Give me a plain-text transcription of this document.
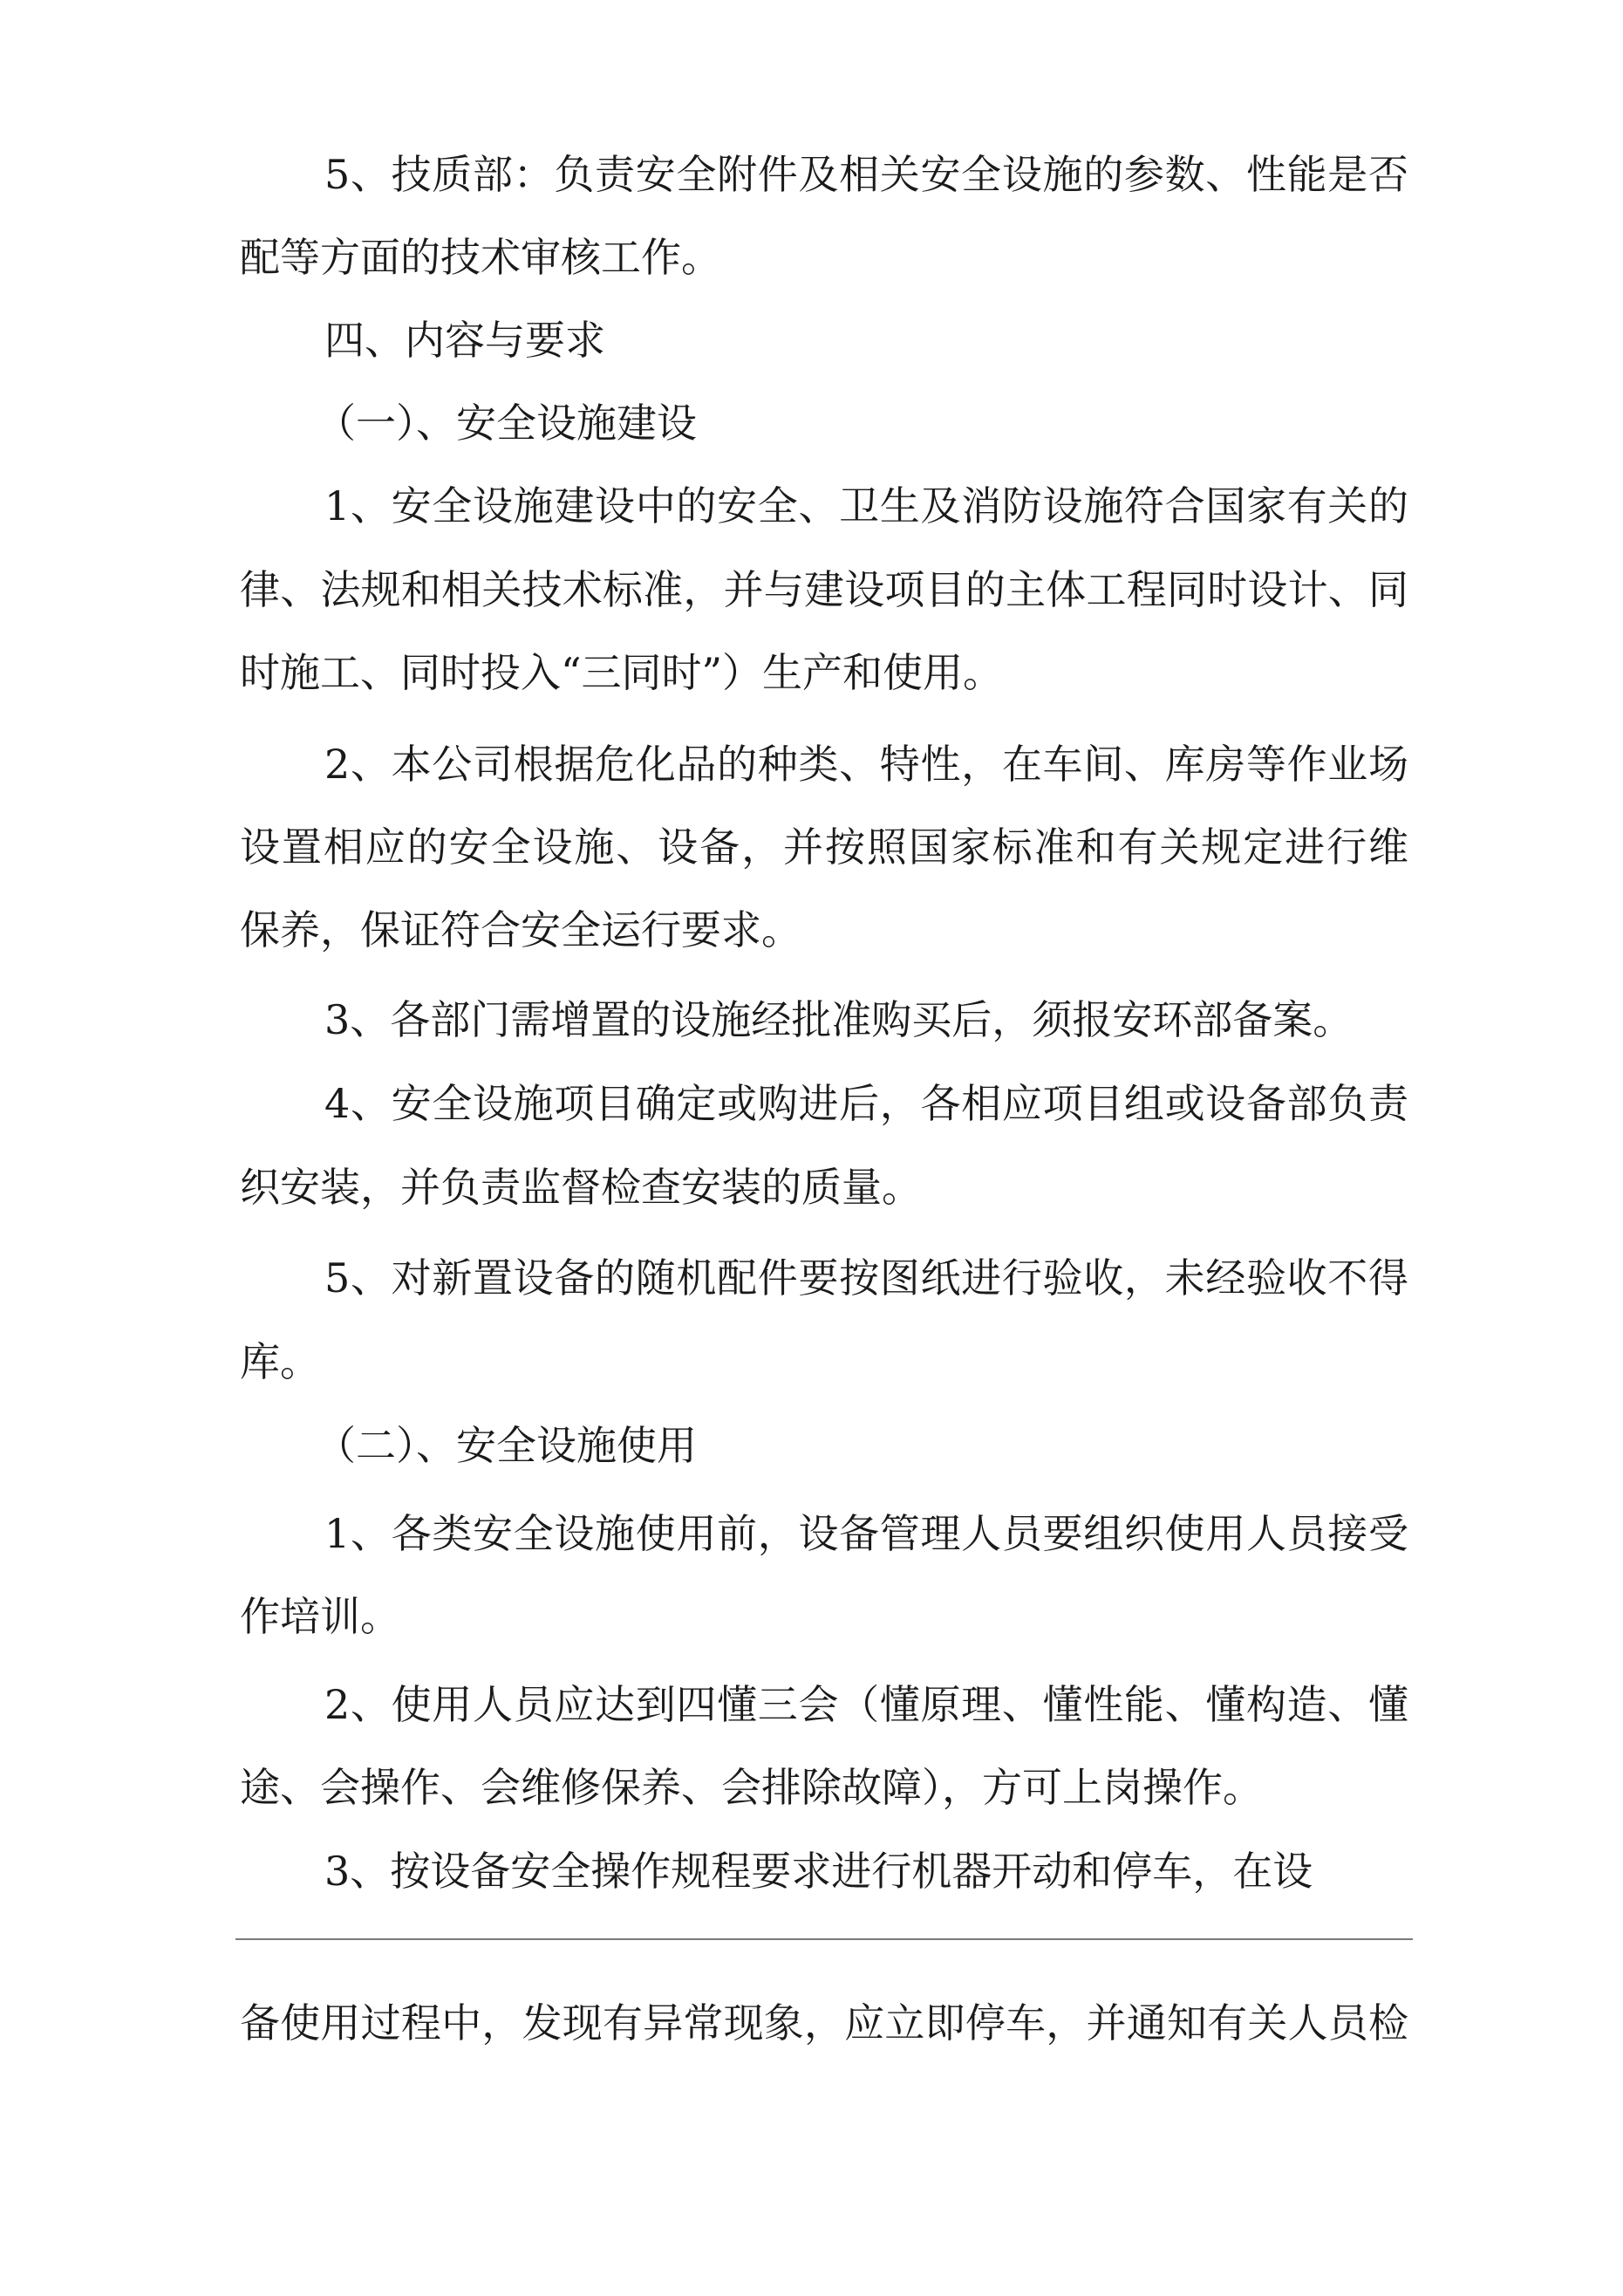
5、技质部：负责安全附件及相关安全设施的参数、性能是否
配等方面的技术审核工作。
四、内容与要求
（一）、安全设施建设
1、安全设施建设中的安全、卫生及消防设施符合国家有关的
律、法规和相关技术标准，并与建设项目的主体工程同时设计、同
时施工、同时投入“三同时”）生产和使用。
2、本公司根据危化品的种类、特性，在车间、库房等作业场
设置相应的安全设施、设备，并按照国家标准和有关规定进行维
保养，保证符合安全运行要求。
3、各部门需增置的设施经批准购买后，须报安环部备案。
4、安全设施项目确定或购进后，各相应项目组或设备部负责
织安装，并负责监督检查安装的质量。
5、对新置设备的随机配件要按图纸进行验收，未经验收不得
库。
（二）、安全设施使用
1、各类安全设施使用前，设备管理人员要组织使用人员接受
作培训。
2、使用人员应达到四懂三会（懂原理、懂性能、懂构造、懂
途、会操作、会维修保养、会排除故障），方可上岗操作。
3、按设备安全操作规程要求进行机器开动和停车，在设
备使用过程中，发现有异常现象，应立即停车，并通知有关人员检
